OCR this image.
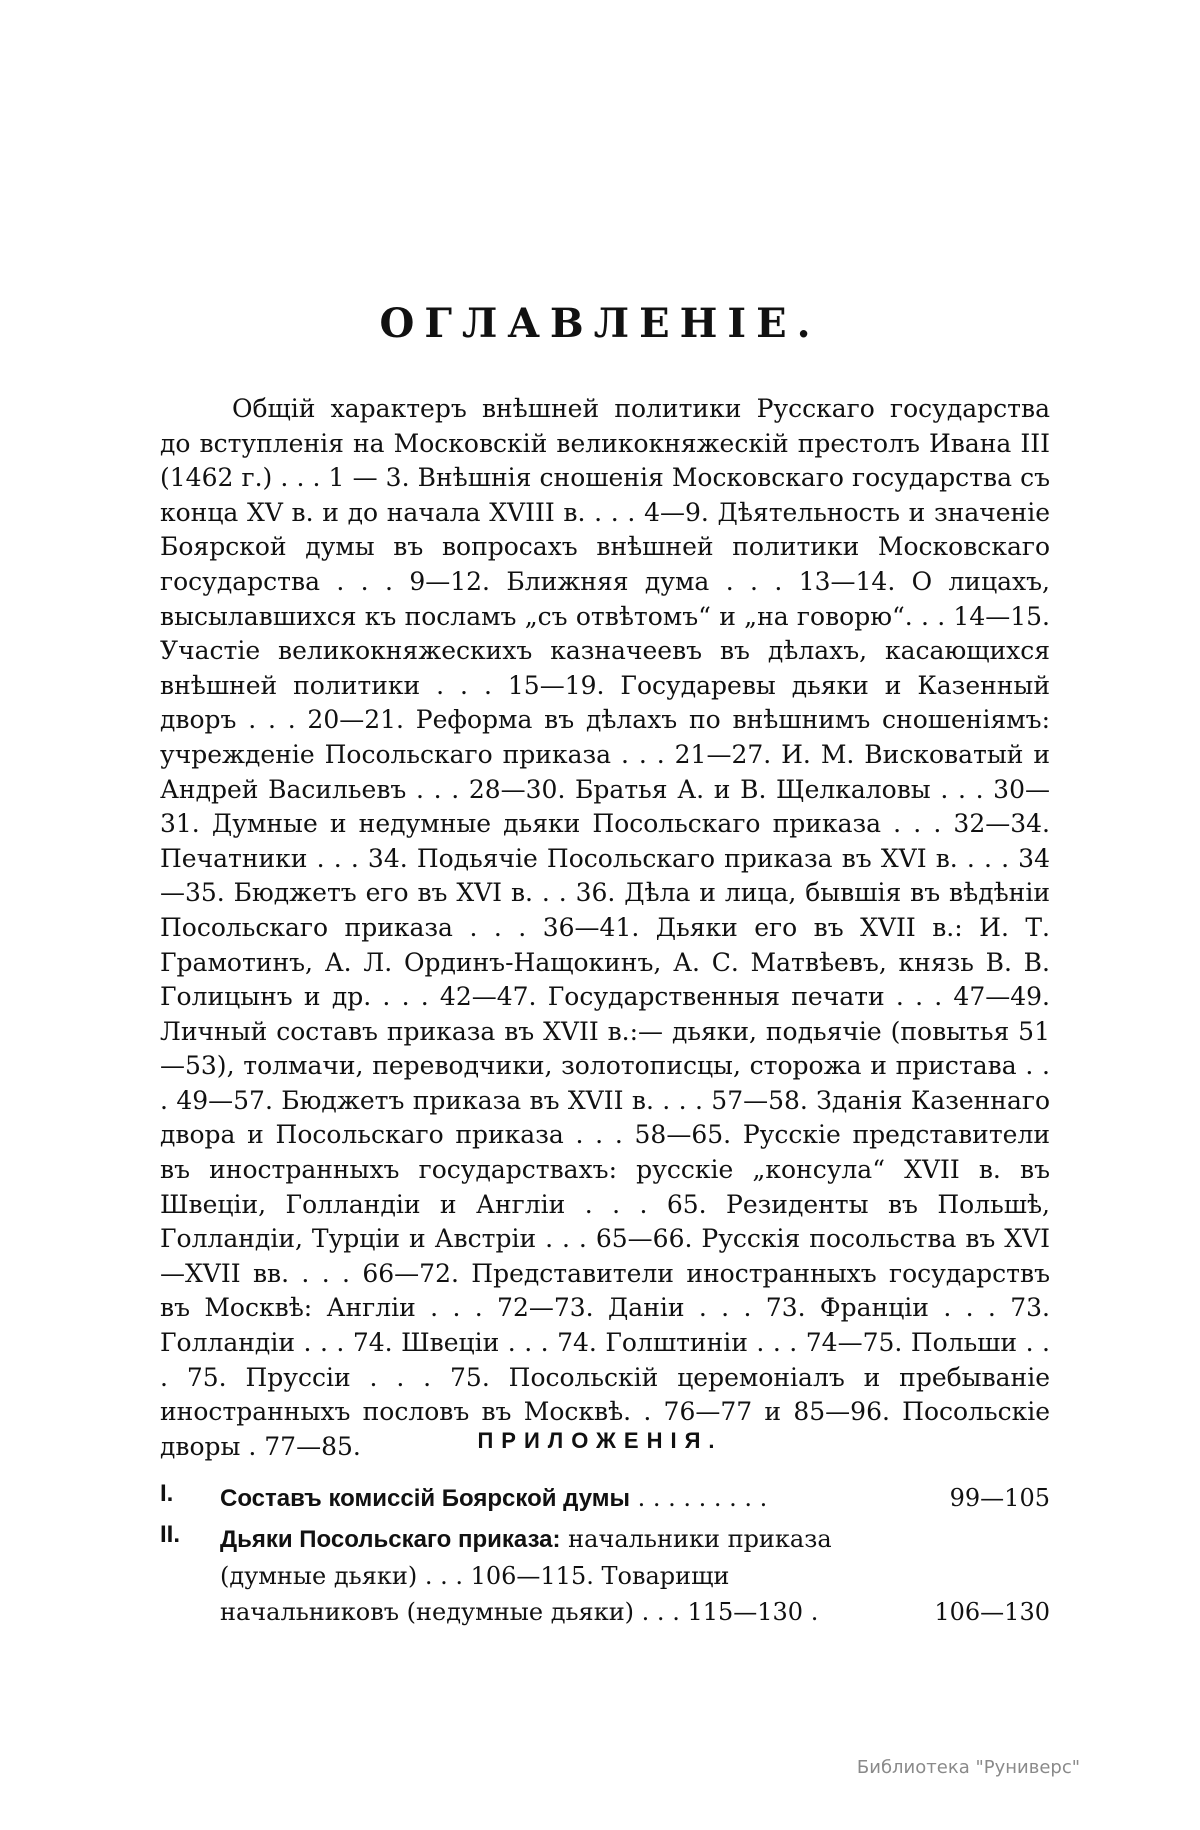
ОГЛАВЛЕНІЕ.

Общій характеръ внѣшней политики Русскаго государства до вступленія на Московскій великокняжескій престолъ Ивана III (1462 г.) . . . 1 — 3. Внѣшнія сношенія Московскаго государства съ конца XV в. и до начала XVIII в. . . . 4—9. Дѣятельность и значеніе Боярской думы въ вопросахъ внѣшней политики Московскаго государства . . . 9—12. Ближняя дума . . . 13—14. О лицахъ, высылавшихся къ посламъ „съ отвѣтомъ“ и „на говорю“. . . 14—15. Участіе великокняжескихъ казначеевъ въ дѣлахъ, касающихся внѣшней политики . . . 15—19. Государевы дьяки и Казенный дворъ . . . 20—21. Реформа въ дѣлахъ по внѣшнимъ сношеніямъ: учрежденіе Посольскаго приказа . . . 21—27. И. М. Висковатый и Андрей Васильевъ . . . 28—30. Братья А. и В. Щелкаловы . . . 30—31. Думные и недумные дьяки Посольскаго приказа . . . 32—34. Печатники . . . 34. Подьячіе Посольскаго приказа въ XVI в. . . . 34—35. Бюджетъ его въ XVI в. . . 36. Дѣла и лица, бывшія въ вѣдѣніи Посольскаго приказа . . . 36—41. Дьяки его въ XVII в.: И. Т. Грамотинъ, А. Л. Ординъ-Нащокинъ, А. С. Матвѣевъ, князь В. В. Голицынъ и др. . . . 42—47. Государственныя печати . . . 47—49. Личный составъ приказа въ XVII в.:— дьяки, подьячіе (повытья 51—53), толмачи, переводчики, золотописцы, сторожа и пристава . . . 49—57. Бюджетъ приказа въ XVII в. . . . 57—58. Зданія Казеннаго двора и Посольскаго приказа . . . 58—65. Русскіе представители въ иностранныхъ государствахъ: русскіе „консула“ XVII в. въ Швеціи, Голландіи и Англіи . . . 65. Резиденты въ Польшѣ, Голландіи, Турціи и Австріи . . . 65—66. Русскія посольства въ XVI—XVII вв. . . . 66—72. Представители иностранныхъ государствъ въ Москвѣ: Англіи . . . 72—73. Даніи . . . 73. Франціи . . . 73. Голландіи . . . 74. Швеціи . . . 74. Голштиніи . . . 74—75. Польши . . . 75. Пруссіи . . . 75. Посольскій церемоніалъ и пребываніе иностранныхъ пословъ въ Москвѣ. . 76—77 и 85—96. Посольскіе дворы . 77—85.	ПРИЛОЖЕНІЯ.
I.	Составъ комиссій Боярской думы . . . . . . . . .	99—105
II.	Дьяки Посольскаго приказа: начальники приказа (думные дьяки) . . . 106—115. Товарищи начальниковъ (недумные дьяки) . . . 115—130 .	106—130
Библиотека "Руниверс"
